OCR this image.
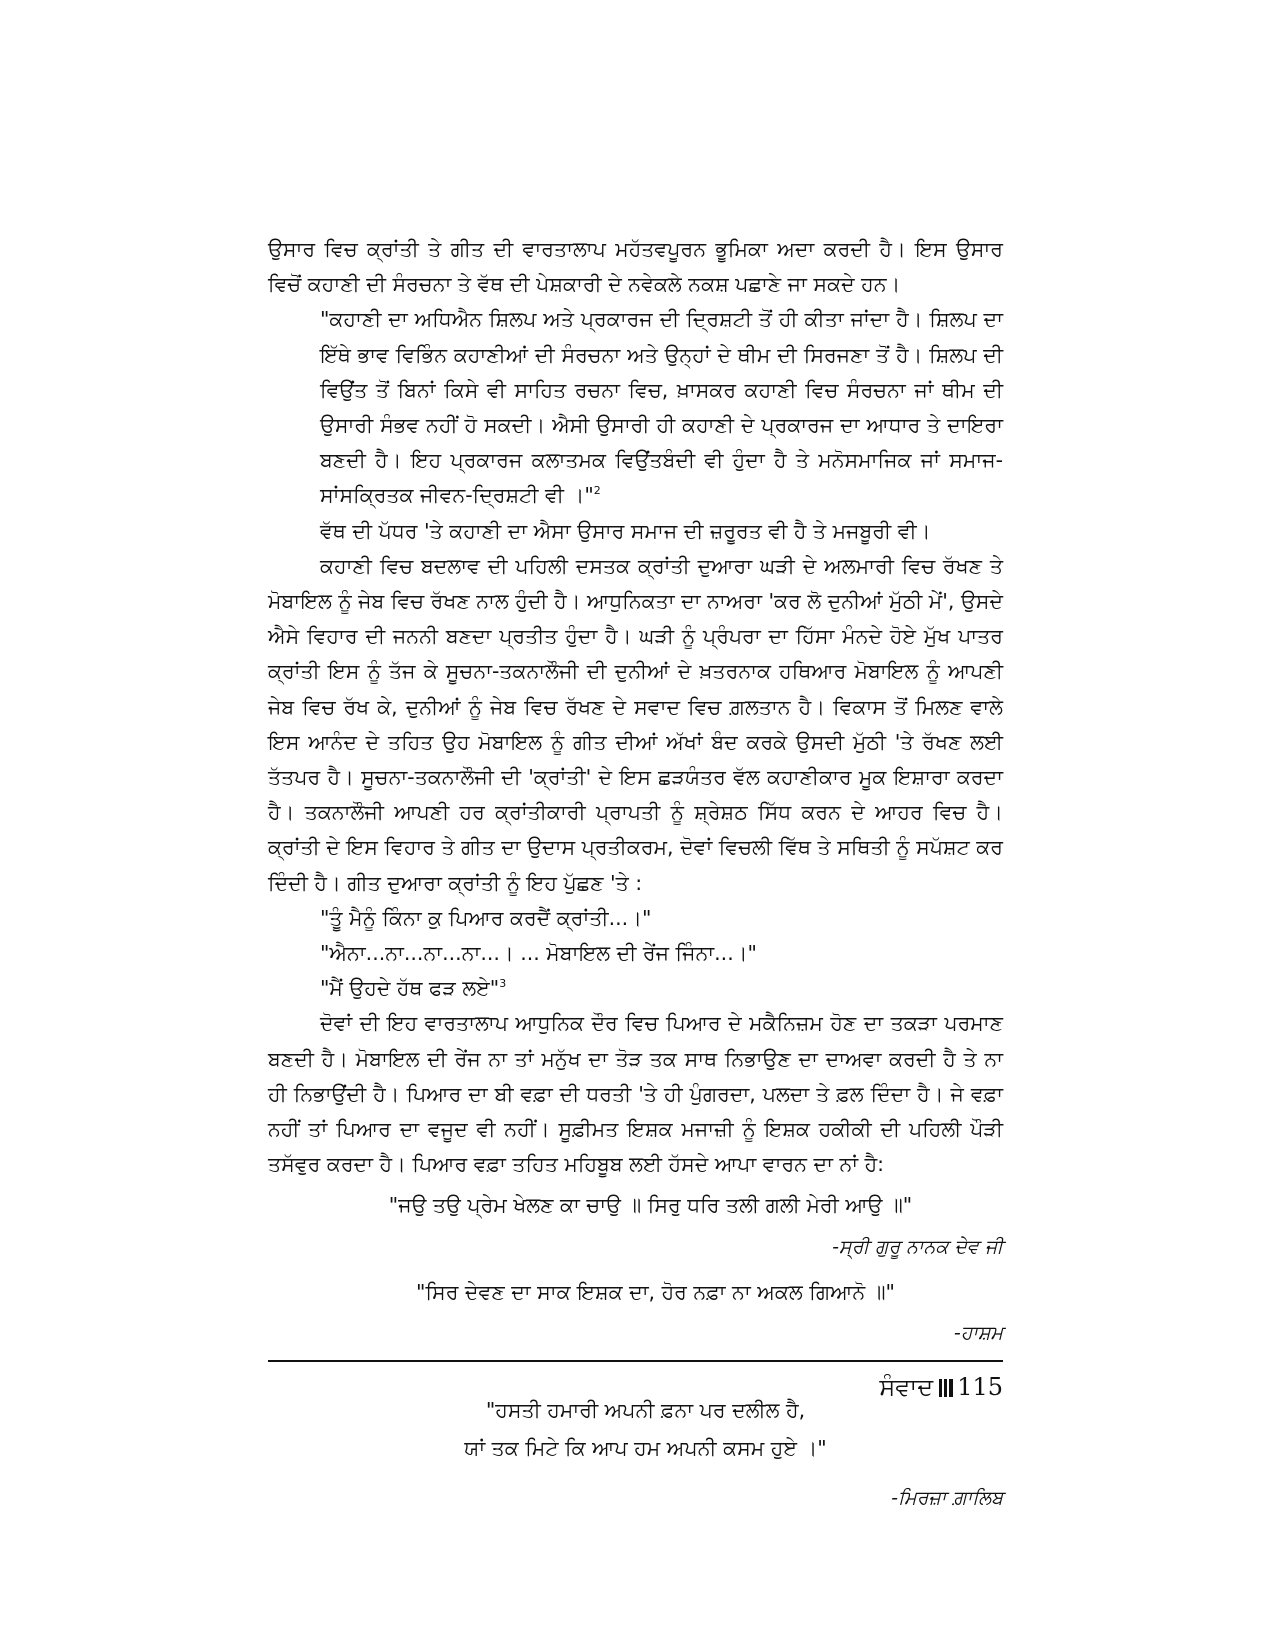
ਉਸਾਰ ਵਿਚ ਕ੍ਰਾਂਤੀ ਤੇ ਗੀਤ ਦੀ ਵਾਰਤਾਲਾਪ ਮਹੱਤਵਪੂਰਨ ਭੂਮਿਕਾ ਅਦਾ ਕਰਦੀ ਹੈ। ਇਸ ਉਸਾਰ ਵਿਚੋਂ ਕਹਾਣੀ ਦੀ ਸੰਰਚਨਾ ਤੇ ਵੱਥ ਦੀ ਪੇਸ਼ਕਾਰੀ ਦੇ ਨਵੇਕਲੇ ਨਕਸ਼ ਪਛਾਣੇ ਜਾ ਸਕਦੇ ਹਨ।

"ਕਹਾਣੀ ਦਾ ਅਧਿਐਨ ਸ਼ਿਲਪ ਅਤੇ ਪ੍ਰਕਾਰਜ ਦੀ ਦ੍ਰਿਸ਼ਟੀ ਤੋਂ ਹੀ ਕੀਤਾ ਜਾਂਦਾ ਹੈ। ਸ਼ਿਲਪ ਦਾ ਇੱਥੇ ਭਾਵ ਵਿਭਿੰਨ ਕਹਾਣੀਆਂ ਦੀ ਸੰਰਚਨਾ ਅਤੇ ਉਨ੍ਹਾਂ ਦੇ ਥੀਮ ਦੀ ਸਿਰਜਣਾ ਤੋਂ ਹੈ। ਸ਼ਿਲਪ ਦੀ ਵਿਉਂਤ ਤੋਂ ਬਿਨਾਂ ਕਿਸੇ ਵੀ ਸਾਹਿਤ ਰਚਨਾ ਵਿਚ, ਖ਼ਾਸਕਰ ਕਹਾਣੀ ਵਿਚ ਸੰਰਚਨਾ ਜਾਂ ਥੀਮ ਦੀ ਉਸਾਰੀ ਸੰਭਵ ਨਹੀਂ ਹੋ ਸਕਦੀ। ਐਸੀ ਉਸਾਰੀ ਹੀ ਕਹਾਣੀ ਦੇ ਪ੍ਰਕਾਰਜ ਦਾ ਆਧਾਰ ਤੇ ਦਾਇਰਾ ਬਣਦੀ ਹੈ। ਇਹ ਪ੍ਰਕਾਰਜ ਕਲਾਤਮਕ ਵਿਉਂਤਬੰਦੀ ਵੀ ਹੁੰਦਾ ਹੈ ਤੇ ਮਨੋਸਮਾਜਿਕ ਜਾਂ ਸਮਾਜ-ਸਾਂਸਕ੍ਰਿਤਕ ਜੀਵਨ-ਦ੍ਰਿਸ਼ਟੀ ਵੀ ।"$^2$

ਵੱਥ ਦੀ ਪੱਧਰ 'ਤੇ ਕਹਾਣੀ ਦਾ ਐਸਾ ਉਸਾਰ ਸਮਾਜ ਦੀ ਜ਼ਰੂਰਤ ਵੀ ਹੈ ਤੇ ਮਜਬੂਰੀ ਵੀ।

ਕਹਾਣੀ ਵਿਚ ਬਦਲਾਵ ਦੀ ਪਹਿਲੀ ਦਸਤਕ ਕ੍ਰਾਂਤੀ ਦੁਆਰਾ ਘੜੀ ਦੇ ਅਲਮਾਰੀ ਵਿਚ ਰੱਖਣ ਤੇ ਮੋਬਾਇਲ ਨੂੰ ਜੇਬ ਵਿਚ ਰੱਖਣ ਨਾਲ ਹੁੰਦੀ ਹੈ। ਆਧੁਨਿਕਤਾ ਦਾ ਨਾਅਰਾ 'ਕਰ ਲੋ ਦੁਨੀਆਂ ਮੁੱਠੀ ਮੇਂ', ਉਸਦੇ ਐਸੇ ਵਿਹਾਰ ਦੀ ਜਨਨੀ ਬਣਦਾ ਪ੍ਰਤੀਤ ਹੁੰਦਾ ਹੈ। ਘੜੀ ਨੂੰ ਪ੍ਰੰਪਰਾ ਦਾ ਹਿੱਸਾ ਮੰਨਦੇ ਹੋਏ ਮੁੱਖ ਪਾਤਰ ਕ੍ਰਾਂਤੀ ਇਸ ਨੂੰ ਤੱਜ ਕੇ ਸੂਚਨਾ-ਤਕਨਾਲੌਜੀ ਦੀ ਦੁਨੀਆਂ ਦੇ ਖ਼ਤਰਨਾਕ ਹਥਿਆਰ ਮੋਬਾਇਲ ਨੂੰ ਆਪਣੀ ਜੇਬ ਵਿਚ ਰੱਖ ਕੇ, ਦੁਨੀਆਂ ਨੂੰ ਜੇਬ ਵਿਚ ਰੱਖਣ ਦੇ ਸਵਾਦ ਵਿਚ ਗ਼ਲਤਾਨ ਹੈ। ਵਿਕਾਸ ਤੋਂ ਮਿਲਣ ਵਾਲੇ ਇਸ ਆਨੰਦ ਦੇ ਤਹਿਤ ਉਹ ਮੋਬਾਇਲ ਨੂੰ ਗੀਤ ਦੀਆਂ ਅੱਖਾਂ ਬੰਦ ਕਰਕੇ ਉਸਦੀ ਮੁੱਠੀ 'ਤੇ ਰੱਖਣ ਲਈ ਤੱਤਪਰ ਹੈ। ਸੂਚਨਾ-ਤਕਨਾਲੌਜੀ ਦੀ 'ਕ੍ਰਾਂਤੀ' ਦੇ ਇਸ ਛੜਯੰਤਰ ਵੱਲ ਕਹਾਣੀਕਾਰ ਮੂਕ ਇਸ਼ਾਰਾ ਕਰਦਾ ਹੈ। ਤਕਨਾਲੌਜੀ ਆਪਣੀ ਹਰ ਕ੍ਰਾਂਤੀਕਾਰੀ ਪ੍ਰਾਪਤੀ ਨੂੰ ਸ਼੍ਰੇਸ਼ਠ ਸਿੱਧ ਕਰਨ ਦੇ ਆਹਰ ਵਿਚ ਹੈ। ਕ੍ਰਾਂਤੀ ਦੇ ਇਸ ਵਿਹਾਰ ਤੇ ਗੀਤ ਦਾ ਉਦਾਸ ਪ੍ਰਤੀਕਰਮ, ਦੋਵਾਂ ਵਿਚਲੀ ਵਿੱਥ ਤੇ ਸਥਿਤੀ ਨੂੰ ਸਪੱਸ਼ਟ ਕਰ ਦਿੰਦੀ ਹੈ। ਗੀਤ ਦੁਆਰਾ ਕ੍ਰਾਂਤੀ ਨੂੰ ਇਹ ਪੁੱਛਣ 'ਤੇ :

"ਤੂੰ ਮੈਨੂੰ ਕਿੰਨਾ ਕੁ ਪਿਆਰ ਕਰਦੈਂ ਕ੍ਰਾਂਤੀ...।"

"ਐਨਾ...ਨਾ...ਨਾ...ਨਾ...। ... ਮੋਬਾਇਲ ਦੀ ਰੇਂਜ ਜਿੰਨਾ...।"

"ਮੈਂ ਉਹਦੇ ਹੱਥ ਫੜ ਲਏ"$^3$

ਦੋਵਾਂ ਦੀ ਇਹ ਵਾਰਤਾਲਾਪ ਆਧੁਨਿਕ ਦੌਰ ਵਿਚ ਪਿਆਰ ਦੇ ਮਕੈਨਿਜ਼ਮ ਹੋਣ ਦਾ ਤਕੜਾ ਪਰਮਾਣ ਬਣਦੀ ਹੈ। ਮੋਬਾਇਲ ਦੀ ਰੇਂਜ ਨਾ ਤਾਂ ਮਨੁੱਖ ਦਾ ਤੋੜ ਤਕ ਸਾਥ ਨਿਭਾਉਣ ਦਾ ਦਾਅਵਾ ਕਰਦੀ ਹੈ ਤੇ ਨਾ ਹੀ ਨਿਭਾਉਂਦੀ ਹੈ। ਪਿਆਰ ਦਾ ਬੀ ਵਫ਼ਾ ਦੀ ਧਰਤੀ 'ਤੇ ਹੀ ਪੁੰਗਰਦਾ, ਪਲਦਾ ਤੇ ਫ਼ਲ ਦਿੰਦਾ ਹੈ। ਜੇ ਵਫ਼ਾ ਨਹੀਂ ਤਾਂ ਪਿਆਰ ਦਾ ਵਜੂਦ ਵੀ ਨਹੀਂ। ਸੂਫ਼ੀਮਤ ਇਸ਼ਕ ਮਜਾਜ਼ੀ ਨੂੰ ਇਸ਼ਕ ਹਕੀਕੀ ਦੀ ਪਹਿਲੀ ਪੌੜੀ ਤਸੱਵੁਰ ਕਰਦਾ ਹੈ। ਪਿਆਰ ਵਫ਼ਾ ਤਹਿਤ ਮਹਿਬੂਬ ਲਈ ਹੱਸਦੇ ਆਪਾ ਵਾਰਨ ਦਾ ਨਾਂ ਹੈ:

"ਜਉ ਤਉ ਪ੍ਰੇਮ ਖੇਲਣ ਕਾ ਚਾਉ ॥ ਸਿਰੁ ਧਰਿ ਤਲੀ ਗਲੀ ਮੇਰੀ ਆਉ ॥"

-ਸ੍ਰੀ ਗੁਰੂ ਨਾਨਕ ਦੇਵ ਜੀ

"ਸਿਰ ਦੇਵਣ ਦਾ ਸਾਕ ਇਸ਼ਕ ਦਾ, ਹੋਰ ਨਫ਼ਾ ਨਾ ਅਕਲ ਗਿਆਨੋ ॥"

-ਹਾਸ਼ਮ

"ਹਸਤੀ ਹਮਾਰੀ ਅਪਨੀ ਫ਼ਨਾ ਪਰ ਦਲੀਲ ਹੈ,
ਯਾਂ ਤਕ ਮਿਟੇ ਕਿ ਆਪ ਹਮ ਅਪਨੀ ਕਸਮ ਹੁਏ ।"

-ਮਿਰਜ਼ਾ ਗ਼ਾਲਿਬ

ਸੰਵਾਦ 115
